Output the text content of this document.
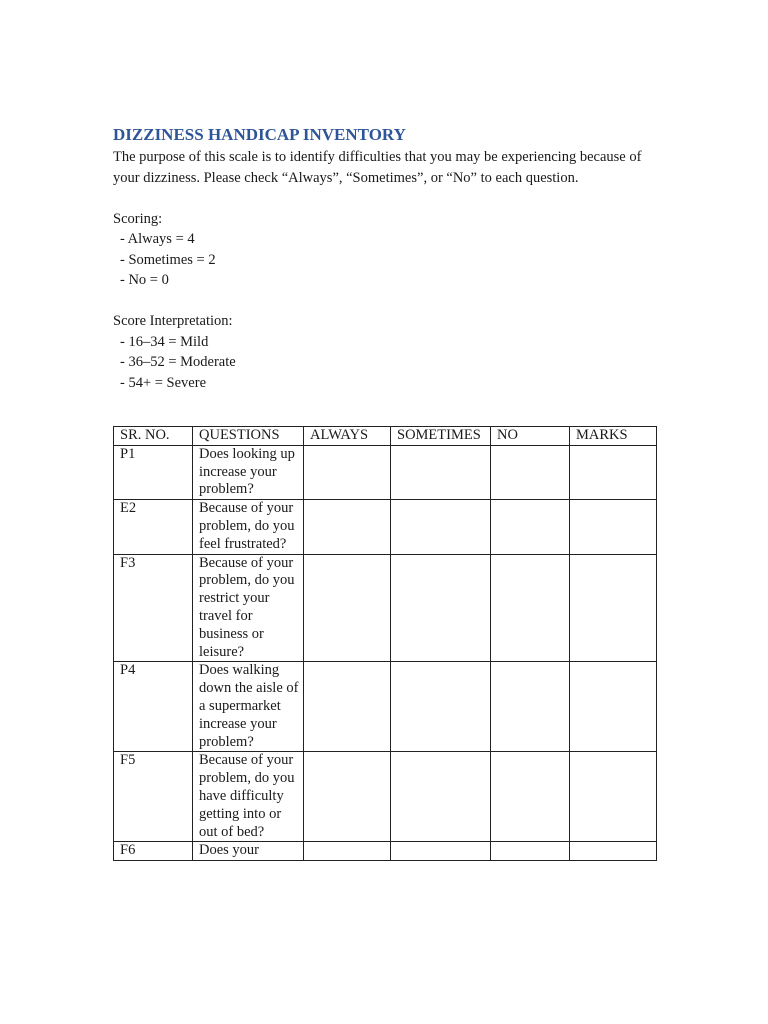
DIZZINESS HANDICAP INVENTORY

The purpose of this scale is to identify difficulties that you may be experiencing because of your dizziness. Please check “Always”, “Sometimes”, or “No” to each question.

Scoring:
- Always = 4
- Sometimes = 2
- No = 0
Score Interpretation:
- 16–34 = Mild
- 36–52 = Moderate
- 54+ = Severe
SR. NO.	QUESTIONS	ALWAYS	SOMETIMES	NO	MARKS
P1	Does looking up increase your problem?				
E2	Because of your problem, do you feel frustrated?				
F3	Because of your problem, do you restrict your travel for business or leisure?				
P4	Does walking down the aisle of a supermarket increase your problem?				
F5	Because of your problem, do you have difficulty getting into or out of bed?				
F6	Does your				
